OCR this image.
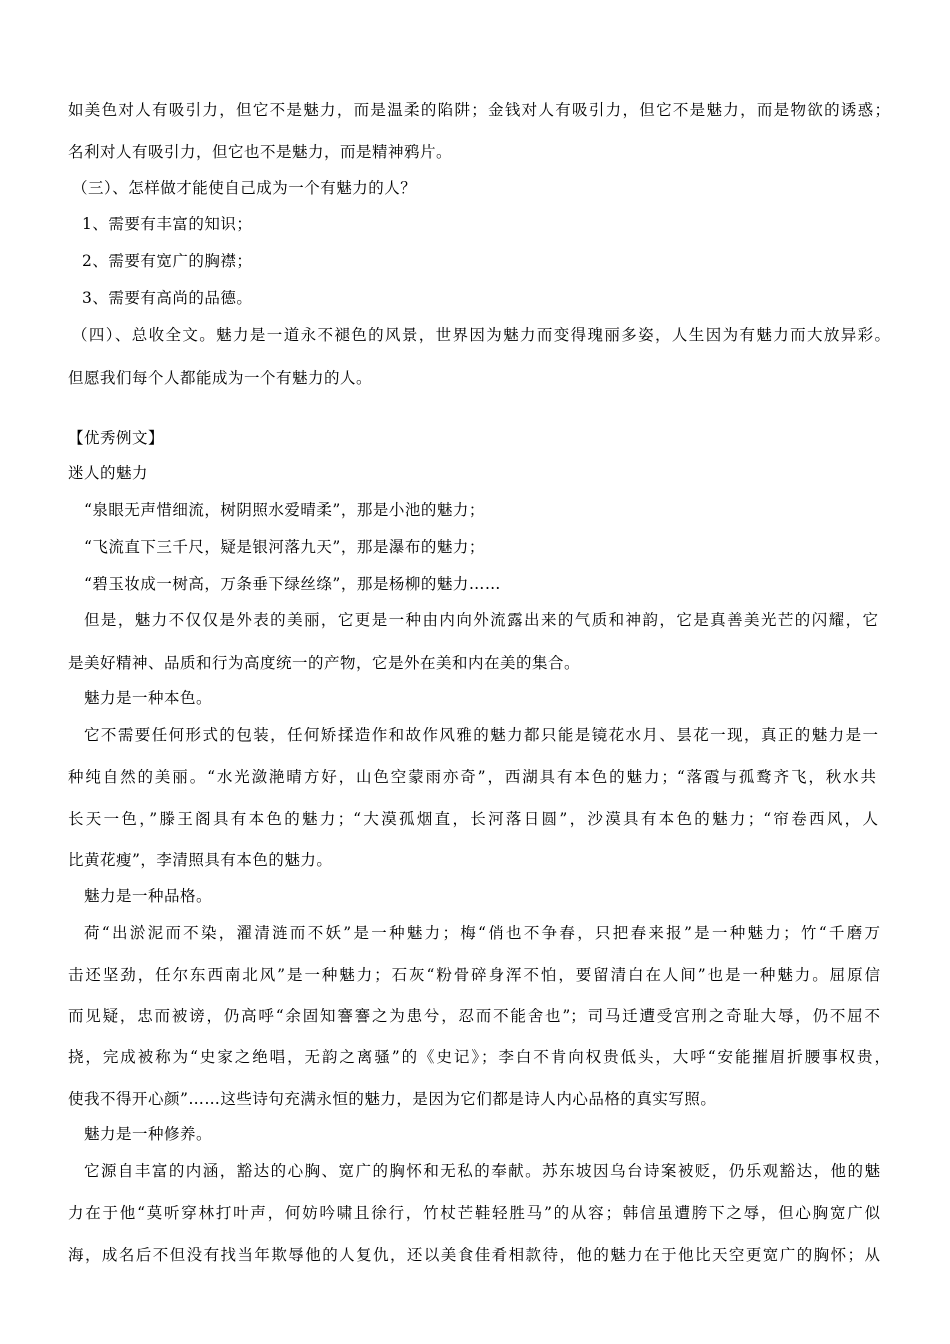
如美色对人有吸引力，但它不是魅力，而是温柔的陷阱；金钱对人有吸引力，但它不是魅力，而是物欲的诱惑；
名利对人有吸引力，但它也不是魅力，而是精神鸦片。
（三）、怎样做才能使自己成为一个有魅力的人？
1、需要有丰富的知识；
2、需要有宽广的胸襟；
3、需要有高尚的品德。
（四）、总收全文。魅力是一道永不褪色的风景，世界因为魅力而变得瑰丽多姿，人生因为有魅力而大放异彩。
但愿我们每个人都能成为一个有魅力的人。
【优秀例文】
迷人的魅力
“泉眼无声惜细流，树阴照水爱晴柔”，那是小池的魅力；
“飞流直下三千尺，疑是银河落九天”，那是瀑布的魅力；
“碧玉妆成一树高，万条垂下绿丝绦”，那是杨柳的魅力……
但是，魅力不仅仅是外表的美丽，它更是一种由内向外流露出来的气质和神韵，它是真善美光芒的闪耀，它
是美好精神、品质和行为高度统一的产物，它是外在美和内在美的集合。
魅力是一种本色。
它不需要任何形式的包装，任何矫揉造作和故作风雅的魅力都只能是镜花水月、昙花一现，真正的魅力是一
种纯自然的美丽。“水光潋滟晴方好，山色空蒙雨亦奇”，西湖具有本色的魅力；“落霞与孤鹜齐飞，秋水共
长天一色，”滕王阁具有本色的魅力；“大漠孤烟直，长河落日圆”，沙漠具有本色的魅力；“帘卷西风，人
比黄花瘦”，李清照具有本色的魅力。
魅力是一种品格。
荷“出淤泥而不染，濯清涟而不妖”是一种魅力；梅“俏也不争春，只把春来报”是一种魅力；竹“千磨万
击还坚劲，任尔东西南北风”是一种魅力；石灰“粉骨碎身浑不怕，要留清白在人间”也是一种魅力。屈原信
而见疑，忠而被谤，仍高呼“余固知謇謇之为患兮，忍而不能舍也”；司马迁遭受宫刑之奇耻大辱，仍不屈不
挠，完成被称为“史家之绝唱，无韵之离骚”的《史记》；李白不肯向权贵低头，大呼“安能摧眉折腰事权贵，
使我不得开心颜”……这些诗句充满永恒的魅力，是因为它们都是诗人内心品格的真实写照。
魅力是一种修养。
它源自丰富的内涵，豁达的心胸、宽广的胸怀和无私的奉献。苏东坡因乌台诗案被贬，仍乐观豁达，他的魅
力在于他“莫听穿林打叶声，何妨吟啸且徐行，竹杖芒鞋轻胜马”的从容；韩信虽遭胯下之辱，但心胸宽广似
海，成名后不但没有找当年欺辱他的人复仇，还以美食佳肴相款待，他的魅力在于他比天空更宽广的胸怀；从
